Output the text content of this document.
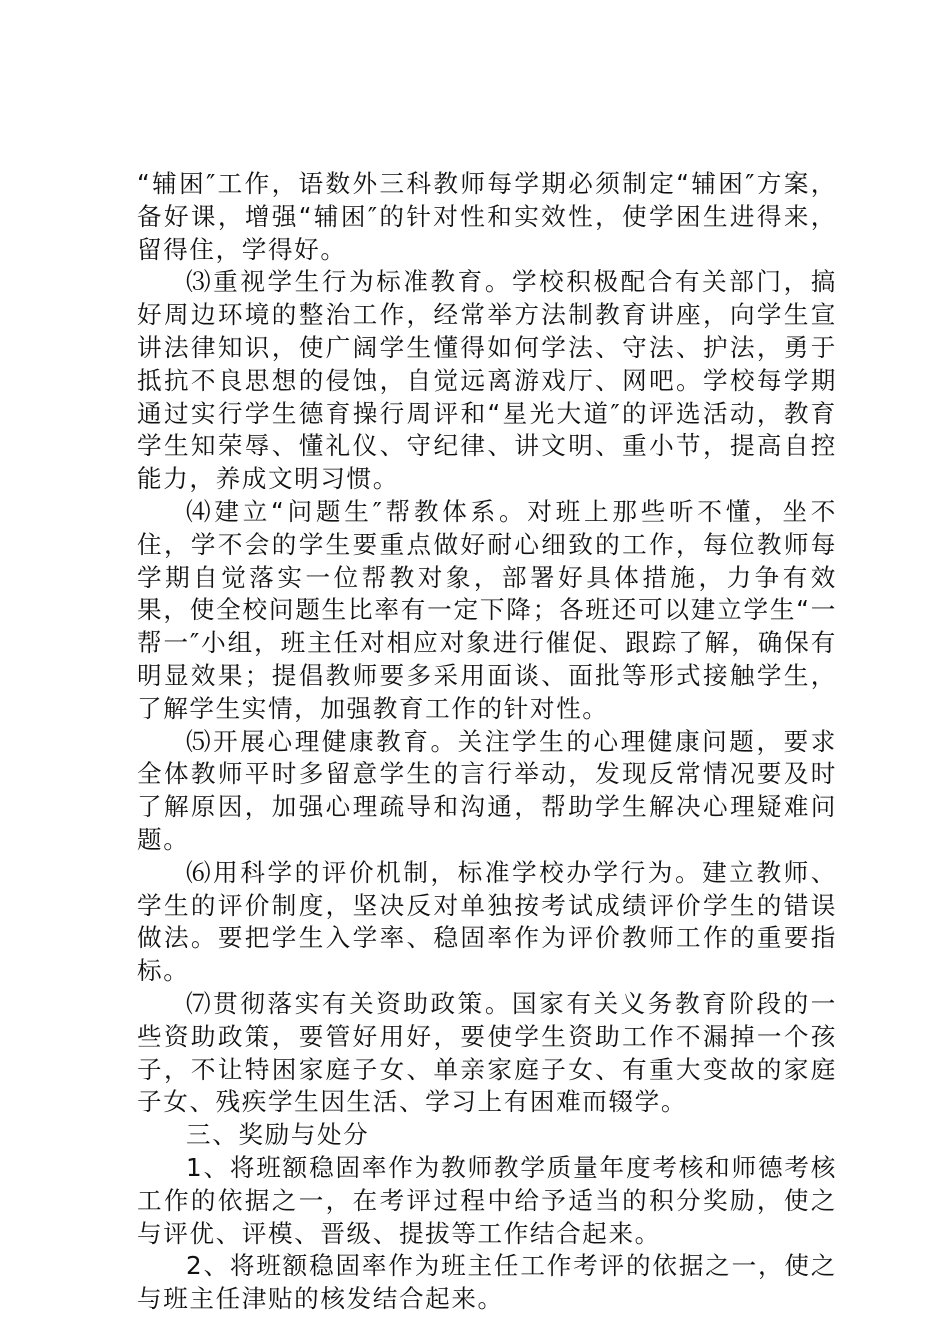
“辅困″工作，语数外三科教师每学期必须制定“辅困″方案，备好课，增强“辅困″的针对性和实效性，使学困生进得来，留得住，学得好。

⑶重视学生行为标准教育。学校积极配合有关部门，搞好周边环境的整治工作，经常举方法制教育讲座，向学生宣讲法律知识，使广阔学生懂得如何学法、守法、护法，勇于抵抗不良思想的侵蚀，自觉远离游戏厅、网吧。学校每学期通过实行学生德育操行周评和“星光大道″的评选活动，教育学生知荣辱、懂礼仪、守纪律、讲文明、重小节，提高自控能力，养成文明习惯。

⑷建立“问题生″帮教体系。对班上那些听不懂，坐不住，学不会的学生要重点做好耐心细致的工作，每位教师每学期自觉落实一位帮教对象，部署好具体措施，力争有效果，使全校问题生比率有一定下降；各班还可以建立学生“一帮一″小组，班主任对相应对象进行催促、跟踪了解，确保有明显效果；提倡教师要多采用面谈、面批等形式接触学生，了解学生实情，加强教育工作的针对性。

⑸开展心理健康教育。关注学生的心理健康问题，要求全体教师平时多留意学生的言行举动，发现反常情况要及时了解原因，加强心理疏导和沟通，帮助学生解决心理疑难问题。

⑹用科学的评价机制，标准学校办学行为。建立教师、学生的评价制度，坚决反对单独按考试成绩评价学生的错误做法。要把学生入学率、稳固率作为评价教师工作的重要指标。

⑺贯彻落实有关资助政策。国家有关义务教育阶段的一些资助政策，要管好用好，要使学生资助工作不漏掉一个孩子，不让特困家庭子女、单亲家庭子女、有重大变故的家庭子女、残疾学生因生活、学习上有困难而辍学。

三、奖励与处分

1、将班额稳固率作为教师教学质量年度考核和师德考核工作的依据之一，在考评过程中给予适当的积分奖励，使之与评优、评模、晋级、提拔等工作结合起来。

2、将班额稳固率作为班主任工作考评的依据之一，使之与班主任津贴的核发结合起来。
